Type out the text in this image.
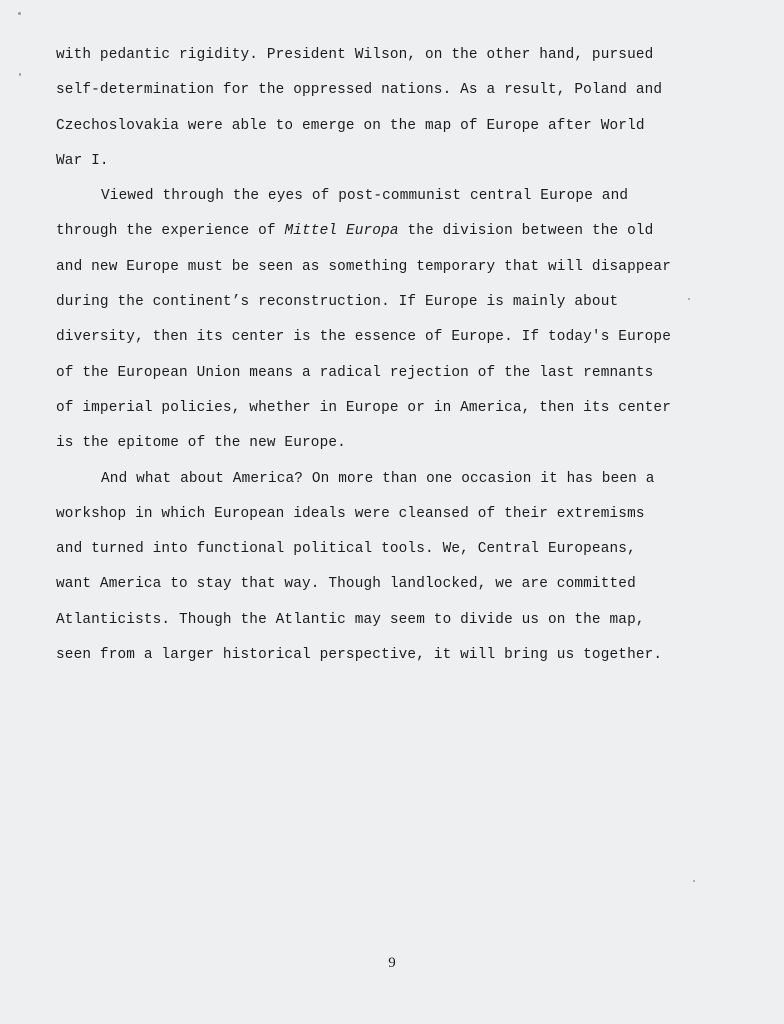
with pedantic rigidity. President Wilson, on the other hand, pursued
self-determination for the oppressed nations. As a result, Poland and
Czechoslovakia were able to emerge on the map of Europe after World
War I.
Viewed through the eyes of post-communist central Europe and
through the experience of Mittel Europa the division between the old
and new Europe must be seen as something temporary that will disappear
during the continent’s reconstruction. If Europe is mainly about
diversity, then its center is the essence of Europe. If today's Europe
of the European Union means a radical rejection of the last remnants
of imperial policies, whether in Europe or in America, then its center
is the epitome of the new Europe.
And what about America? On more than one occasion it has been a
workshop in which European ideals were cleansed of their extremisms
and turned into functional political tools. We, Central Europeans,
want America to stay that way. Though landlocked, we are committed
Atlanticists. Though the Atlantic may seem to divide us on the map,
seen from a larger historical perspective, it will bring us together.
9
